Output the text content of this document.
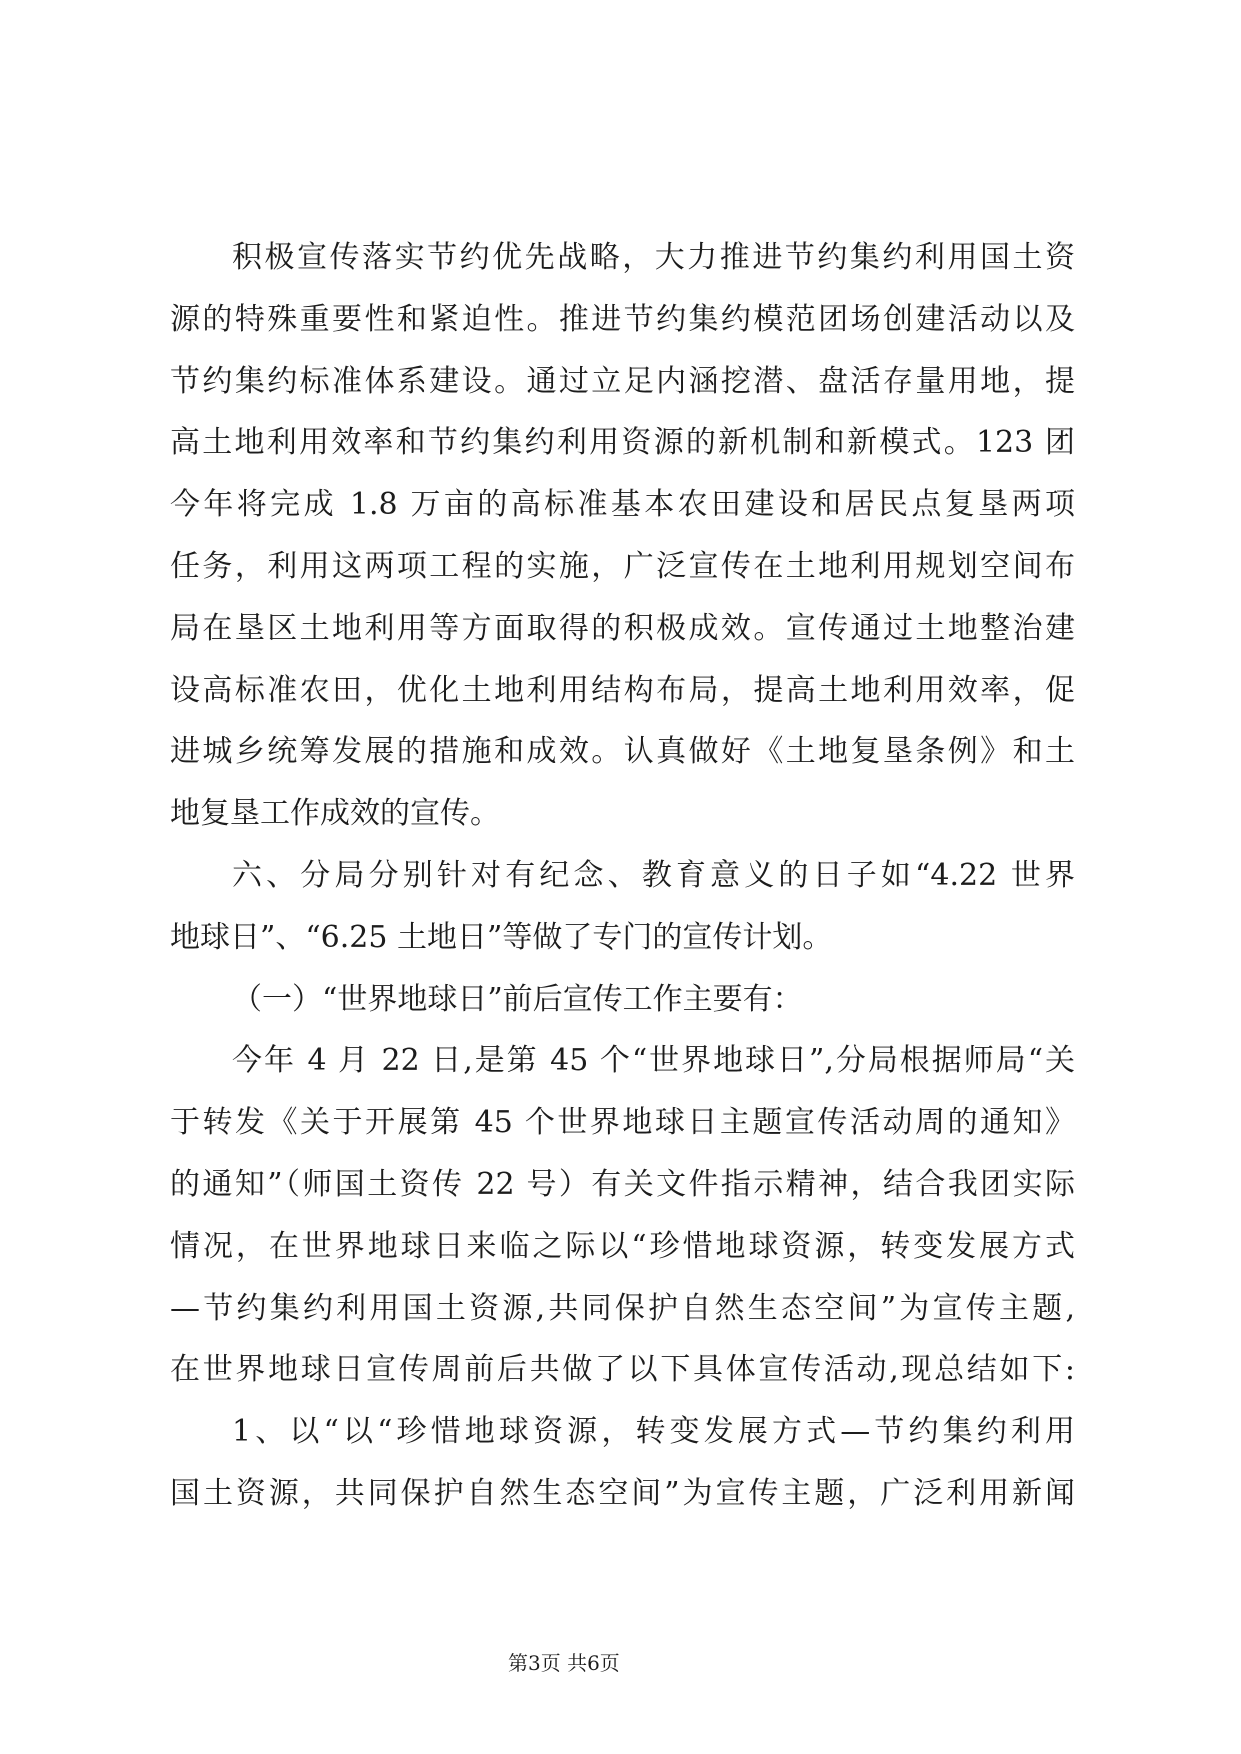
积极宣传落实节约优先战略，大力推进节约集约利用国土资
源的特殊重要性和紧迫性。推进节约集约模范团场创建活动以及
节约集约标准体系建设。通过立足内涵挖潜、盘活存量用地，提
高土地利用效率和节约集约利用资源的新机制和新模式。123 团
今年将完成 1.8 万亩的高标准基本农田建设和居民点复垦两项
任务，利用这两项工程的实施，广泛宣传在土地利用规划空间布
局在垦区土地利用等方面取得的积极成效。宣传通过土地整治建
设高标准农田，优化土地利用结构布局，提高土地利用效率，促
进城乡统筹发展的措施和成效。认真做好《土地复垦条例》和土
地复垦工作成效的宣传。
六、分局分别针对有纪念、教育意义的日子如“4.22 世界
地球日”、“6.25 土地日”等做了专门的宣传计划。
（一）“世界地球日”前后宣传工作主要有：
今年 4 月 22 日,是第 45 个“世界地球日”,分局根据师局“关
于转发《关于开展第 45 个世界地球日主题宣传活动周的通知》
的通知”（师国土资传 22 号）有关文件指示精神，结合我团实际
情况，在世界地球日来临之际以“珍惜地球资源，转变发展方式
—节约集约利用国土资源,共同保护自然生态空间”为宣传主题,
在世界地球日宣传周前后共做了以下具体宣传活动,现总结如下:
1、以“以“珍惜地球资源，转变发展方式—节约集约利用
国土资源，共同保护自然生态空间”为宣传主题，广泛利用新闻
第3页 共6页
